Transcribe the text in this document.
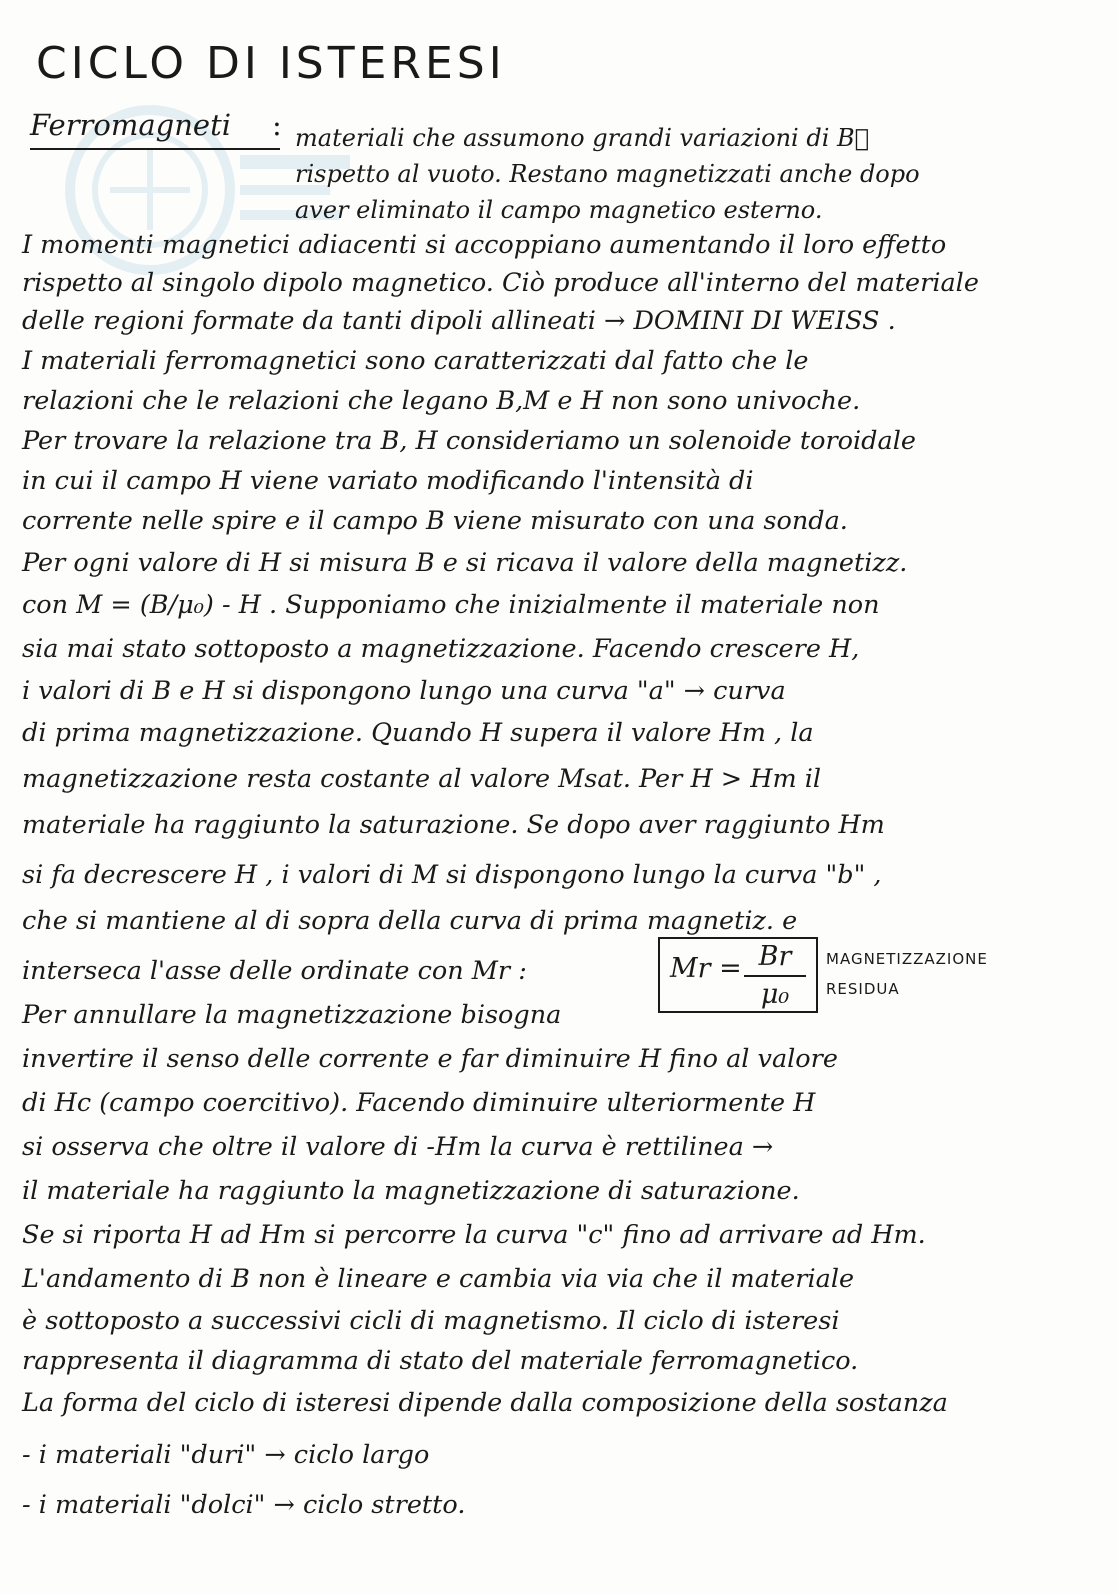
CICLO DI ISTERESI
Ferromagneti : materiali che assumono grandi variazioni di B⃗
rispetto al vuoto. Restano magnetizzati anche dopo
aver eliminato il campo magnetico esterno.
I momenti magnetici adiacenti si accoppiano aumentando il loro effetto
rispetto al singolo dipolo magnetico. Ciò produce all'interno del materiale
delle regioni formate da tanti dipoli allineati → DOMINI DI WEISS .
I materiali ferromagnetici sono caratterizzati dal fatto che le
relazioni che le relazioni che legano B,M e H non sono univoche.
Per trovare la relazione tra B, H consideriamo un solenoide toroidale
in cui il campo H viene variato modificando l'intensità di
corrente nelle spire e il campo B viene misurato con una sonda.
Per ogni valore di H si misura B e si ricava il valore della magnetizz.
con M = (B/μ₀) - H . Supponiamo che inizialmente il materiale non
sia mai stato sottoposto a magnetizzazione. Facendo crescere H,
i valori di B e H si dispongono lungo una curva "a" → curva
di prima magnetizzazione. Quando H supera il valore Hm , la
magnetizzazione resta costante al valore Msat. Per H > Hm il
materiale ha raggiunto la saturazione. Se dopo aver raggiunto Hm
si fa decrescere H , i valori di M si dispongono lungo la curva "b" ,
che si mantiene al di sopra della curva di prima magnetiz. e
interseca l'asse delle ordinate con Mr :
Per annullare la magnetizzazione bisogna
invertire il senso delle corrente e far diminuire H fino al valore
di Hc (campo coercitivo). Facendo diminuire ulteriormente H
si osserva che oltre il valore di -Hm la curva è rettilinea →
il materiale ha raggiunto la magnetizzazione di saturazione.
Se si riporta H ad Hm si percorre la curva "c" fino ad arrivare ad Hm.
L'andamento di B non è lineare e cambia via via che il materiale
è sottoposto a successivi cicli di magnetismo. Il ciclo di isteresi
rappresenta il diagramma di stato del materiale ferromagnetico.
La forma del ciclo di isteresi dipende dalla composizione della sostanza
- i materiali "duri" → ciclo largo
- i materiali "dolci" → ciclo stretto.
Mr = Br
μ₀
MAGNETIZZAZIONE
RESIDUA
